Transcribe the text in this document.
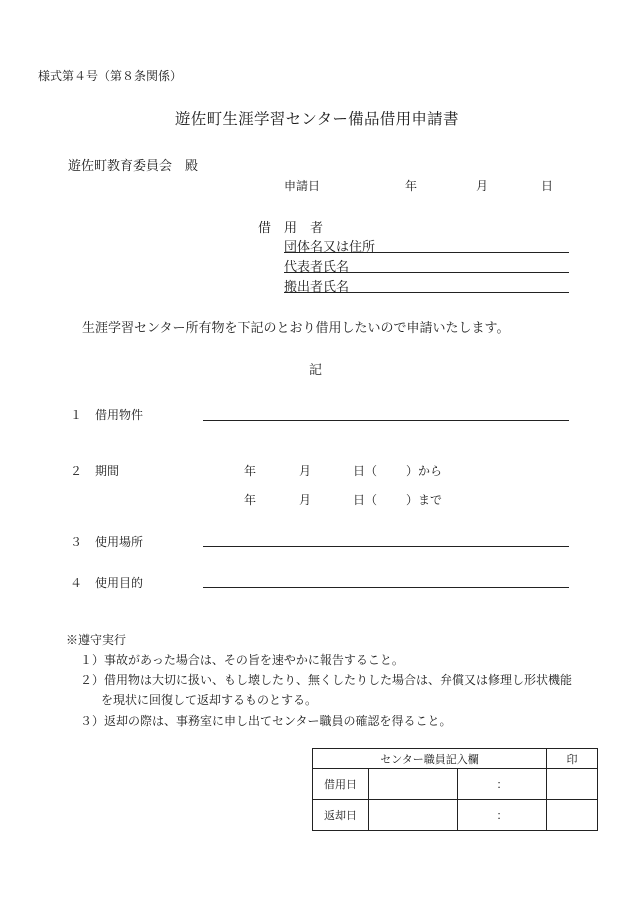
様式第４号（第８条関係）
遊佐町生涯学習センター備品借用申請書
遊佐町教育委員会　殿
申請日	年	月	日
借　用　者
団体名又は住所
代表者氏名
搬出者氏名
生涯学習センター所有物を下記のとおり借用したいので申請いたします。
記
１ 借用物件
２ 期間	年	月	日（ ）から
年	月	日（ ）まで
３ 使用場所
４ 使用目的
※遵守実行
１）事故があった場合は、その旨を速やかに報告すること。
２）借用物は大切に扱い、もし壊したり、無くしたりした場合は、弁償又は修理し形状機能
を現状に回復して返却するものとする。
３）返却の際は、事務室に申し出てセンター職員の確認を得ること。
センター職員記入欄			印
借用日		：	
返却日		：	
